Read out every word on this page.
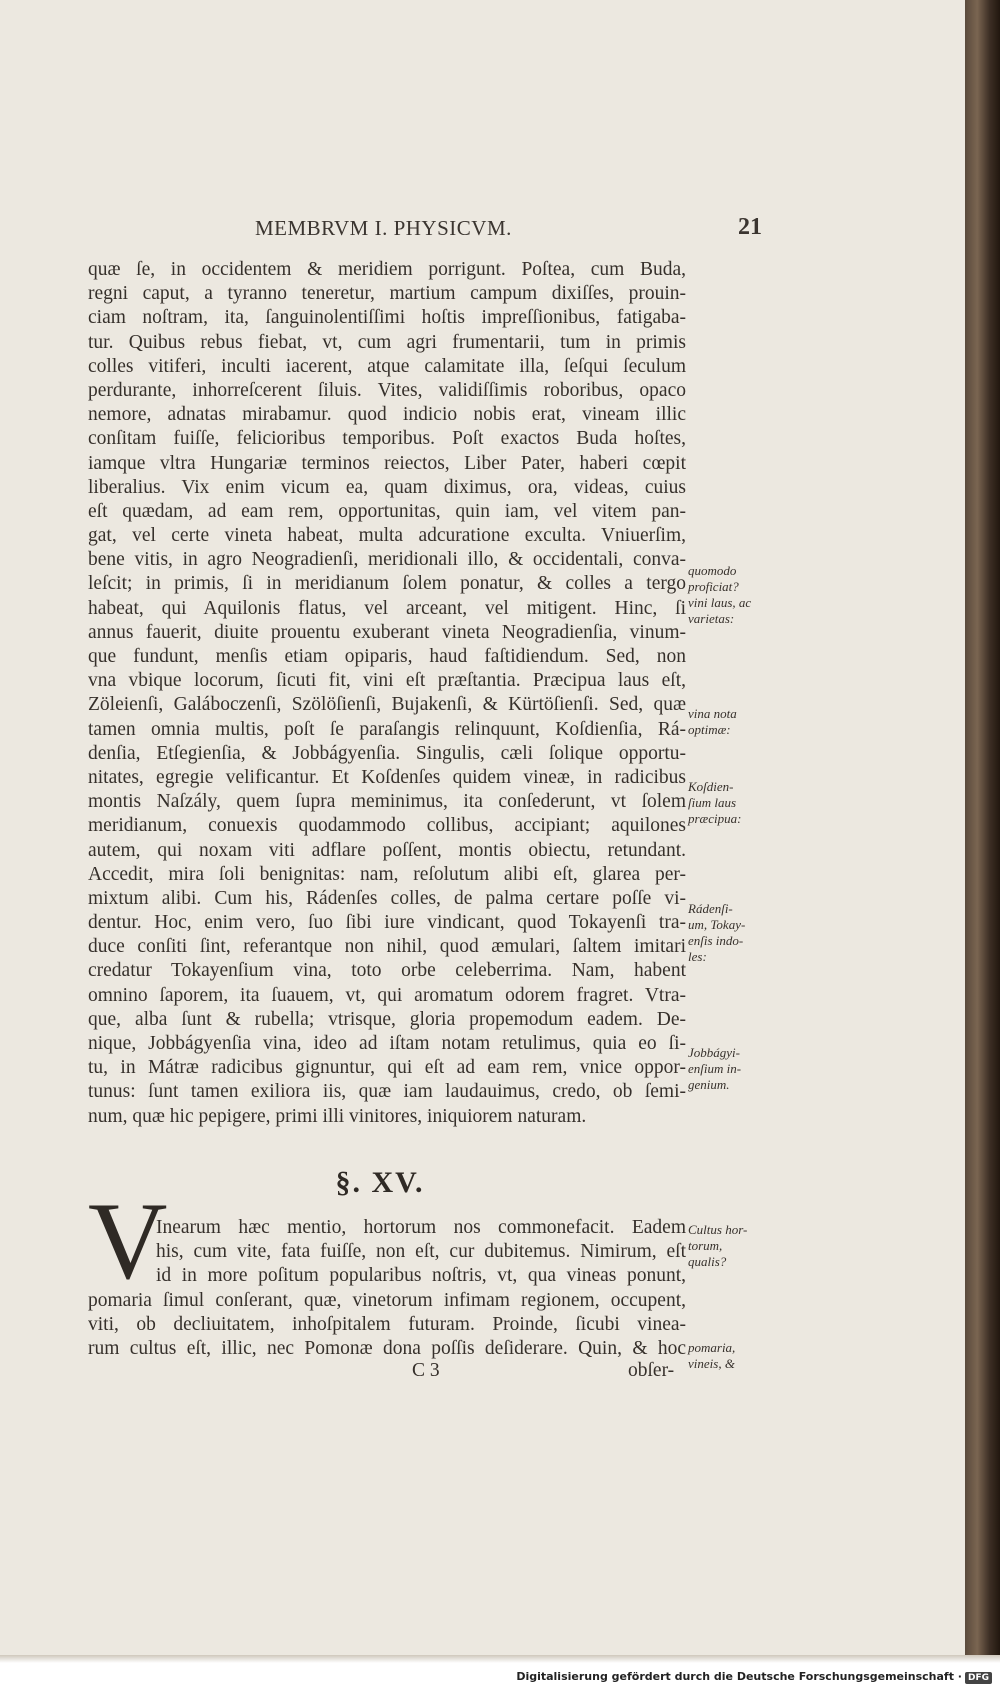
MEMBRVM I. PHYSICVM.	21
quæ ſe, in occidentem & meridiem porrigunt. Poſtea, cum Buda,
regni caput, a tyranno teneretur, martium campum dixiſſes, prouin-
ciam noſtram, ita, ſanguinolentiſſimi hoſtis impreſſionibus, fatigaba-
tur. Quibus rebus fiebat, vt, cum agri frumentarii, tum in primis
colles vitiferi, inculti iacerent, atque calamitate illa, ſeſqui ſeculum
perdurante, inhorreſcerent ſiluis. Vites, validiſſimis roboribus, opaco
nemore, adnatas mirabamur. quod indicio nobis erat, vineam illic
conſitam fuiſſe, felicioribus temporibus. Poſt exactos Buda hoſtes,
iamque vltra Hungariæ terminos reiectos, Liber Pater, haberi cœpit
liberalius. Vix enim vicum ea, quam diximus, ora, videas, cuius
eſt quædam, ad eam rem, opportunitas, quin iam, vel vitem pan-
gat, vel certe vineta habeat, multa adcuratione exculta. Vniuerſim,
bene vitis, in agro Neogradienſi, meridionali illo, & occidentali, conva-
leſcit; in primis, ſi in meridianum ſolem ponatur, & colles a tergo
habeat, qui Aquilonis flatus, vel arceant, vel mitigent. Hinc, ſi
annus fauerit, diuite prouentu exuberant vineta Neogradienſia, vinum-
que fundunt, menſis etiam opiparis, haud faſtidiendum. Sed, non
vna vbique locorum, ſicuti fit, vini eſt præſtantia. Præcipua laus eſt,
Zöleienſi, Galáboczenſi, Szölöſienſi, Bujakenſi, & Kürtöſienſi. Sed, quæ
tamen omnia multis, poſt ſe paraſangis relinquunt, Koſdienſia, Rá-
denſia, Etſegienſia, & Jobbágyenſia. Singulis, cæli ſolique opportu-
nitates, egregie velificantur. Et Koſdenſes quidem vineæ, in radicibus
montis Naſzály, quem ſupra meminimus, ita conſederunt, vt ſolem
meridianum, conuexis quodammodo collibus, accipiant; aquilones
autem, qui noxam viti adflare poſſent, montis obiectu, retundant.
Accedit, mira ſoli benignitas: nam, reſolutum alibi eſt, glarea per-
mixtum alibi. Cum his, Rádenſes colles, de palma certare poſſe vi-
dentur. Hoc, enim vero, ſuo ſibi iure vindicant, quod Tokayenſi tra-
duce conſiti ſint, referantque non nihil, quod æmulari, ſaltem imitari
credatur Tokayenſium vina, toto orbe celeberrima. Nam, habent
omnino ſaporem, ita ſuauem, vt, qui aromatum odorem fragret. Vtra-
que, alba ſunt & rubella; vtrisque, gloria propemodum eadem. De-
nique, Jobbágyenſia vina, ideo ad iſtam notam retulimus, quia eo ſi-
tu, in Mátræ radicibus gignuntur, qui eſt ad eam rem, vnice oppor-
tunus: ſunt tamen exiliora iis, quæ iam laudauimus, credo, ob ſemi-
num, quæ hic pepigere, primi illi vinitores, iniquiorem naturam.
§. XV.
V
Inearum hæc mentio, hortorum nos commonefacit. Eadem
his, cum vite, fata fuiſſe, non eſt, cur dubitemus. Nimirum, eſt
id in more poſitum popularibus noſtris, vt, qua vineas ponunt,
pomaria ſimul conſerant, quæ, vinetorum infimam regionem, occupent,
viti, ob decliuitatem, inhoſpitalem futuram. Proinde, ſicubi vinea-
rum cultus eſt, illic, nec Pomonæ dona poſſis deſiderare. Quin, & hoc
C 3	obſer-
quomodo
proficiat?
vini laus, ac
varietas:
vina nota
optimæ:
Koſdien-
ſium laus
præcipua:
Rádenſi-
um, Tokay-
enſis indo-
les:
Jobbágyi-
enſium in-
genium.
Cultus hor-
torum,
qualis?
pomaria,
vineis, &
Digitalisierung gefördert durch die Deutsche Forschungsgemeinschaft · DFG
